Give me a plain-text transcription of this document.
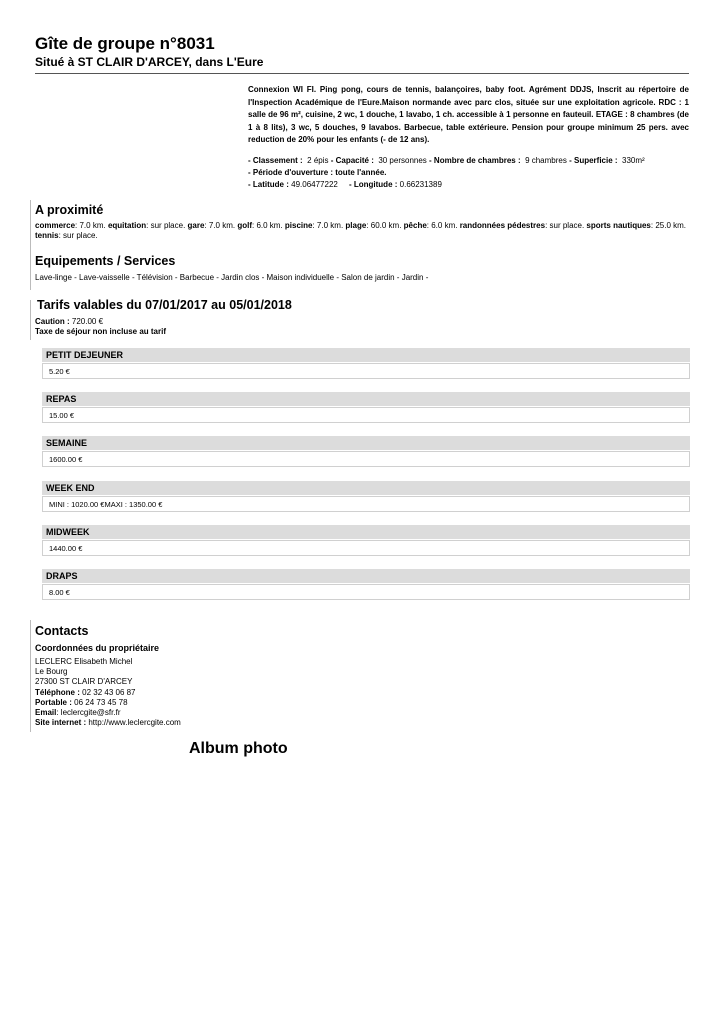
Gîte de groupe n°8031
Situé à ST CLAIR D'ARCEY, dans L'Eure
Connexion WI FI. Ping pong, cours de tennis, balançoires, baby foot. Agrément DDJS, Inscrit au répertoire de l'Inspection Académique de l'Eure.Maison normande avec parc clos, située sur une exploitation agricole. RDC : 1 salle de 96 m², cuisine, 2 wc, 1 douche, 1 lavabo, 1 ch. accessible à 1 personne en fauteuil. ETAGE : 8 chambres (de 1 à 8 lits), 3 wc, 5 douches, 9 lavabos. Barbecue, table extérieure. Pension pour groupe minimum 25 pers. avec reduction de 20% pour les enfants (- de 12 ans).
- Classement : 2 épis - Capacité : 30 personnes - Nombre de chambres : 9 chambres - Superficie : 330m²
- Période d'ouverture : toute l'année.
- Latitude : 49.06477222 - Longitude : 0.66231389
A proximité
commerce: 7.0 km. equitation: sur place. gare: 7.0 km. golf: 6.0 km. piscine: 7.0 km. plage: 60.0 km. pêche: 6.0 km. randonnées pédestres: sur place. sports nautiques: 25.0 km. tennis: sur place.
Equipements / Services
Lave-linge - Lave-vaisselle - Télévision - Barbecue - Jardin clos - Maison individuelle - Salon de jardin - Jardin -
Tarifs valables du 07/01/2017 au 05/01/2018
Caution : 720.00 €
Taxe de séjour non incluse au tarif
PETIT DEJEUNER
5.20 €
REPAS
15.00 €
SEMAINE
1600.00 €
WEEK END
MINI : 1020.00 €MAXI : 1350.00 €
MIDWEEK
1440.00 €
DRAPS
8.00 €
Contacts
Coordonnées du propriétaire
LECLERC Elisabeth Michel
Le Bourg
27300 ST CLAIR D'ARCEY
Téléphone : 02 32 43 06 87
Portable : 06 24 73 45 78
Email: leclercgite@sfr.fr
Site internet : http://www.leclercgite.com
Album photo
